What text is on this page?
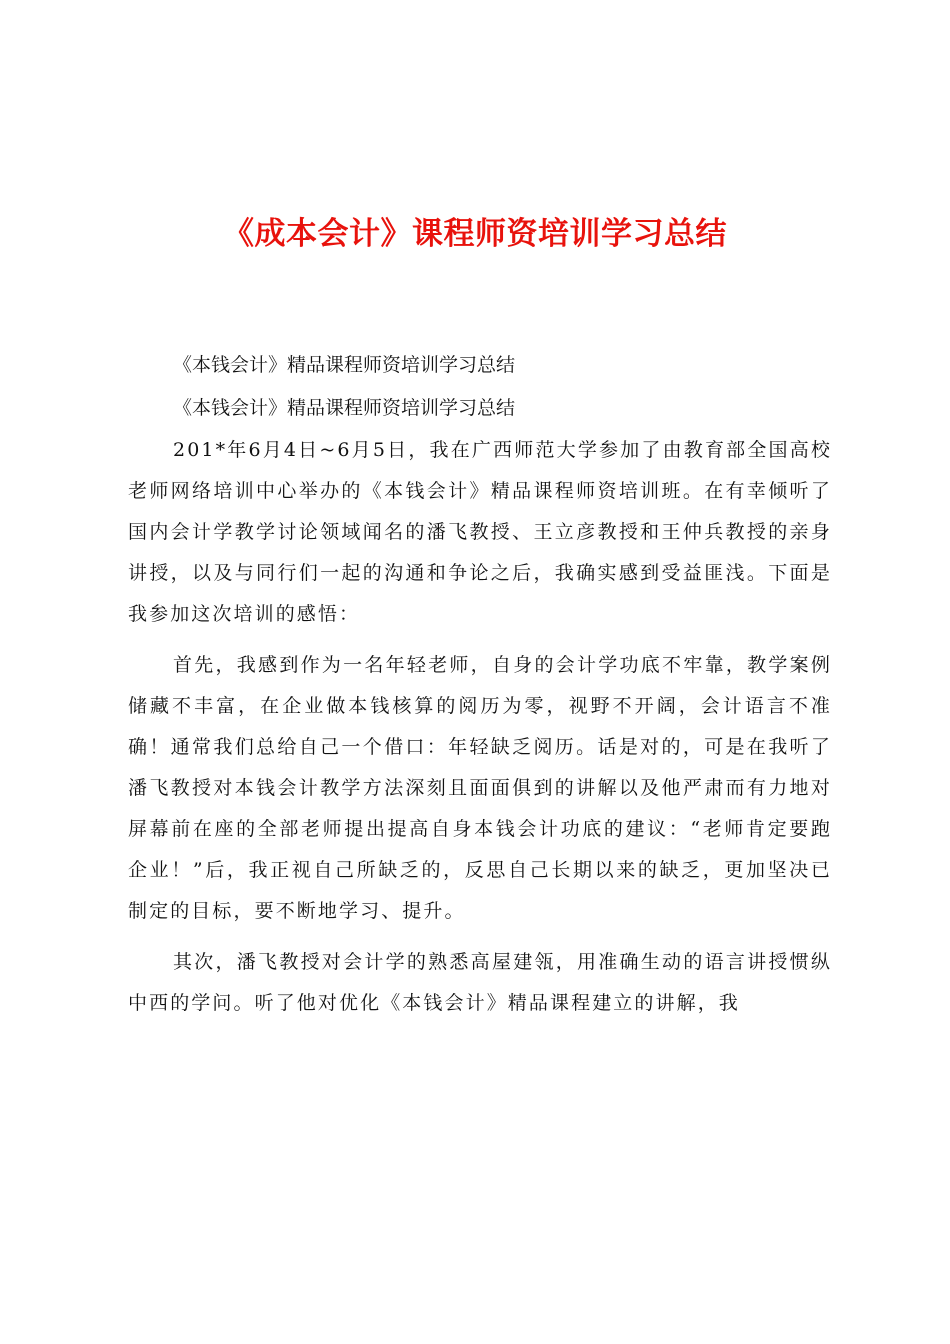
《成本会计》课程师资培训学习总结

《本钱会计》精品课程师资培训学习总结

《本钱会计》精品课程师资培训学习总结

201*年6月4日~6月5日，我在广西师范大学参加了由教育部全国高校老师网络培训中心举办的《本钱会计》精品课程师资培训班。在有幸倾听了国内会计学教学讨论领域闻名的潘飞教授、王立彦教授和王仲兵教授的亲身讲授，以及与同行们一起的沟通和争论之后，我确实感到受益匪浅。下面是我参加这次培训的感悟：

首先，我感到作为一名年轻老师，自身的会计学功底不牢靠，教学案例储藏不丰富，在企业做本钱核算的阅历为零，视野不开阔，会计语言不准确！通常我们总给自己一个借口：年轻缺乏阅历。话是对的，可是在我听了潘飞教授对本钱会计教学方法深刻且面面俱到的讲解以及他严肃而有力地对屏幕前在座的全部老师提出提高自身本钱会计功底的建议：“老师肯定要跑企业！”后，我正视自己所缺乏的，反思自己长期以来的缺乏，更加坚决已制定的目标，要不断地学习、提升。

其次，潘飞教授对会计学的熟悉高屋建瓴，用准确生动的语言讲授惯纵中西的学问。听了他对优化《本钱会计》精品课程建立的讲解，我
